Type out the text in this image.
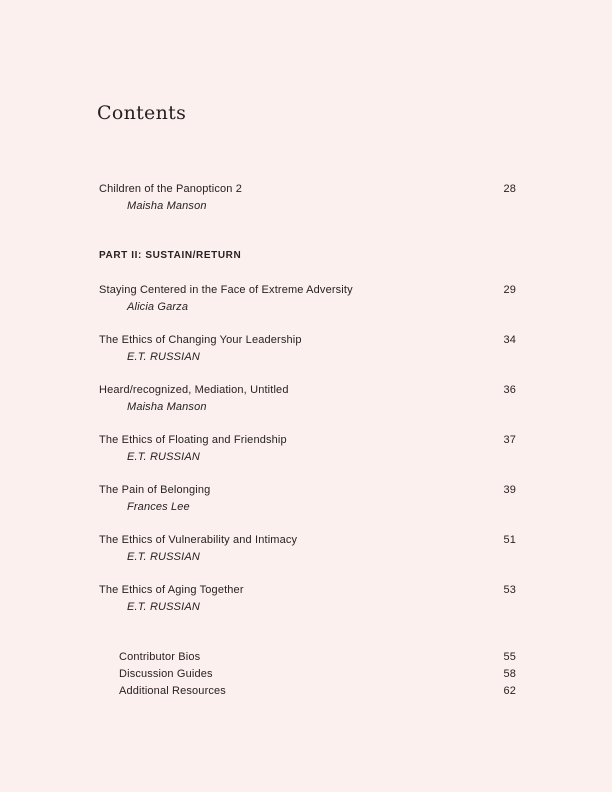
Contents
Children of the Panopticon 2	28
Maisha Manson
PART II: SUSTAIN/RETURN
Staying Centered in the Face of Extreme Adversity	29
Alicia Garza
The Ethics of Changing Your Leadership	34
E.T. RUSSIAN
Heard/recognized, Mediation, Untitled	36
Maisha Manson
The Ethics of Floating and Friendship	37
E.T. RUSSIAN
The Pain of Belonging	39
Frances Lee
The Ethics of Vulnerability and Intimacy	51
E.T. RUSSIAN
The Ethics of Aging Together	53
E.T. RUSSIAN
Contributor Bios	55
Discussion Guides	58
Additional Resources	62
